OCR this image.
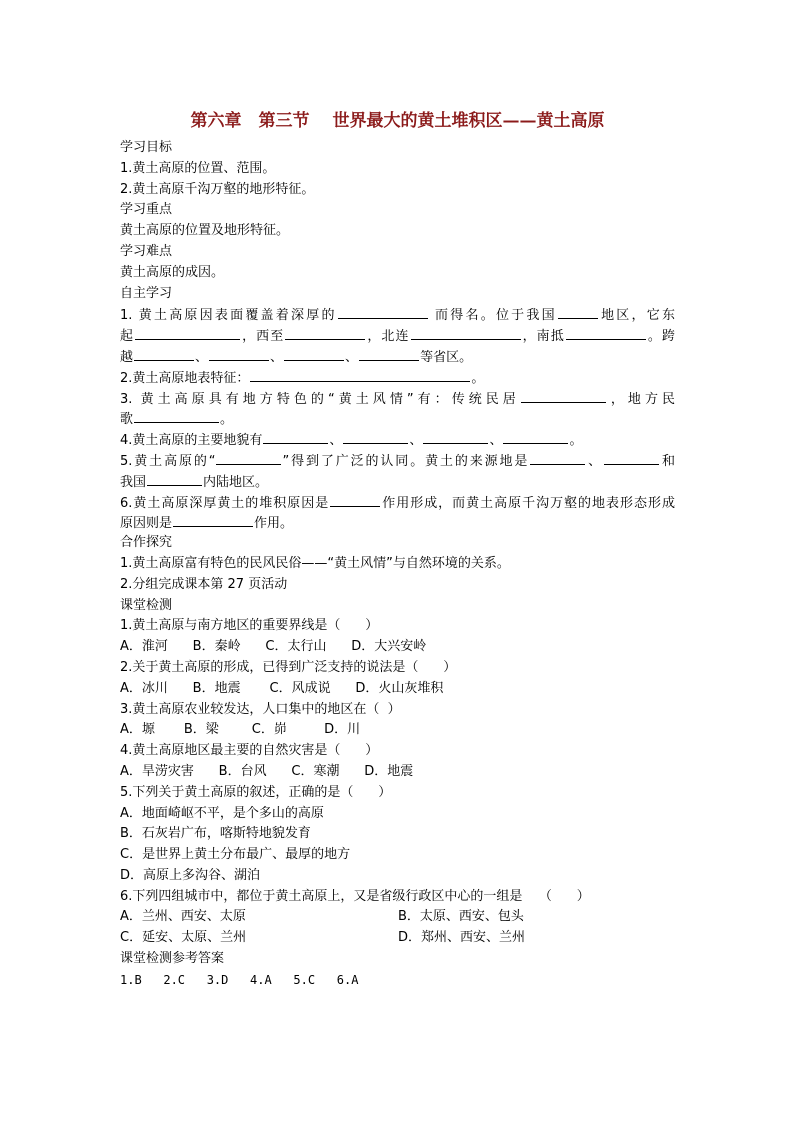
第六章　第三节　 世界最大的黄土堆积区——黄土高原
学习目标
1.黄土高原的位置、范围。
2.黄土高原千沟万壑的地形特征。
学习重点
黄土高原的位置及地形特征。
学习难点
黄土高原的成因。
自主学习
1. 黄土高原因表面覆盖着深厚的	而得名。位于我国	地区，它东
起	，西至	，北连	，南抵	。跨
越	、	、	、	等省区。
2.黄土高原地表特征：	。
3. 黄土高原具有地方特色的“黄土风情”有：传统民居	，地方民
歌	。
4.黄土高原的主要地貌有	、	、	、	。
5.黄土高原的“	”得到了广泛的认同。黄土的来源地是	、	和
我国	内陆地区。
6.黄土高原深厚黄土的堆积原因是	作用形成，而黄土高原千沟万壑的地表形态形成
原因则是	作用。
合作探究
1.黄土高原富有特色的民风民俗——“黄土风情”与自然环境的关系。
2.分组完成课本第 27 页活动
课堂检测
1.黄土高原与南方地区的重要界线是（      ）
A．淮河      B．秦岭      C．太行山      D．大兴安岭
2.关于黄土高原的形成，已得到广泛支持的说法是（      ）
A．冰川      B．地震       C．风成说      D．火山灰堆积
3.黄土高原农业较发达，人口集中的地区在（  ）
A．塬       B．梁        C．峁         D．川
4.黄土高原地区最主要的自然灾害是（      ）
A．旱涝灾害      B．台风      C．寒潮      D．地震
5.下列关于黄土高原的叙述，正确的是（      ）
A．地面崎岖不平，是个多山的高原
B．石灰岩广布，喀斯特地貌发育
C．是世界上黄土分布最广、最厚的地方
D．高原上多沟谷、湖泊
6.下列四组城市中，都位于黄土高原上，又是省级行政区中心的一组是    （      ）
A．兰州、西安、太原	B．太原、西安、包头
C．延安、太原、兰州	D．郑州、西安、兰州
课堂检测参考答案
1.B   2.C   3.D   4.A   5.C   6.A
